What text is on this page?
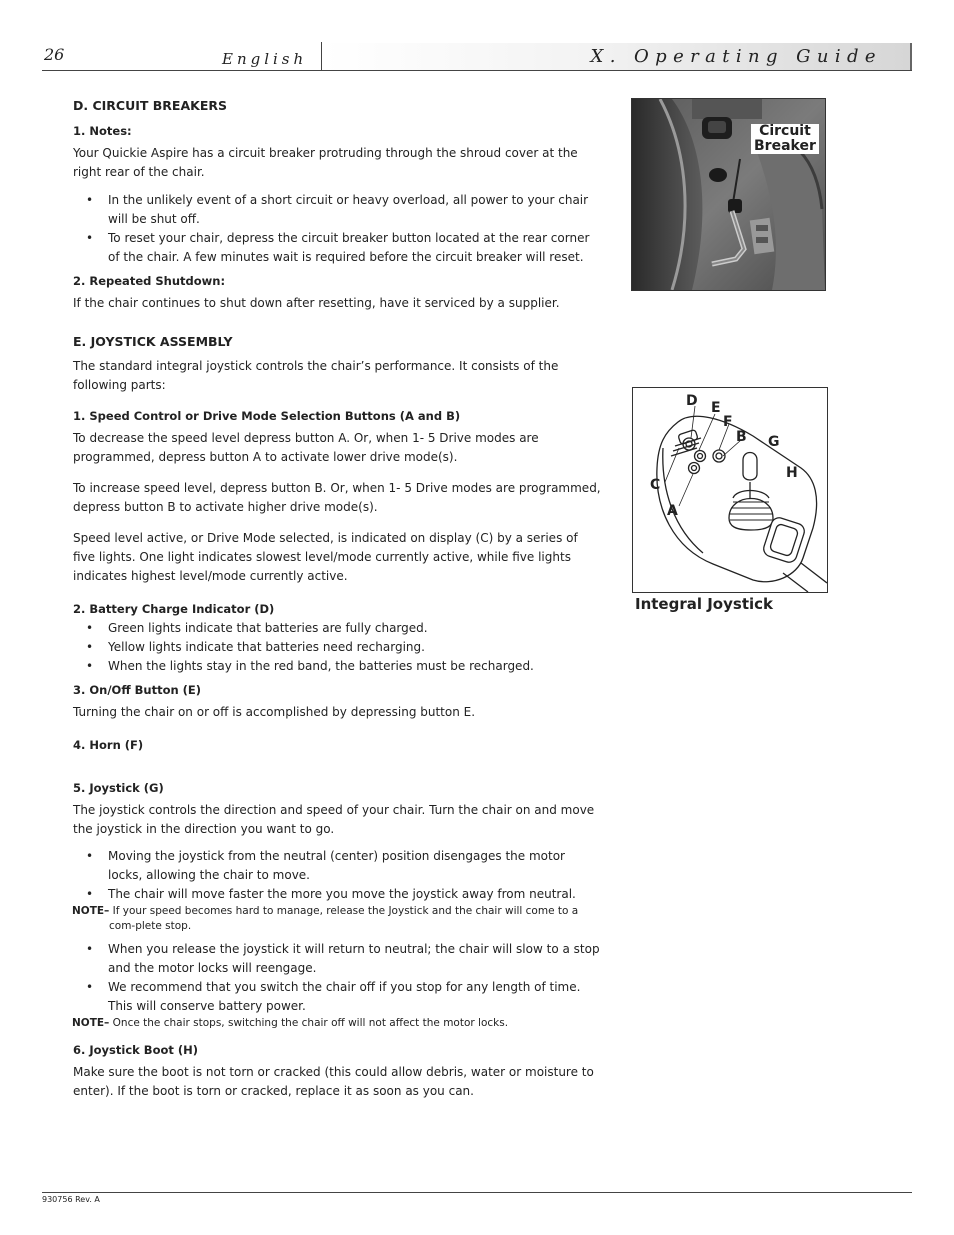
26	English	X. Operating Guide

D. CIRCUIT BREAKERS

1. Notes:

Your Quickie Aspire has a circuit breaker protruding through the shroud cover at the right rear of the chair.

• In the unlikely event of a short circuit or heavy overload, all power to your chair will be shut off.
• To reset your chair, depress the circuit breaker button located at the rear corner of the chair. A few minutes wait is required before the circuit breaker will reset.

2. Repeated Shutdown:

If the chair continues to shut down after resetting, have it serviced by a supplier.

E. JOYSTICK ASSEMBLY

The standard integral joystick controls the chair’s performance. It consists of the following parts:

1. Speed Control or Drive Mode Selection Buttons (A and B)

To decrease the speed level depress button A. Or, when 1- 5 Drive modes are programmed, depress button A to activate lower drive mode(s).

To increase speed level, depress button B. Or, when 1- 5 Drive modes are programmed, depress button B to activate higher drive mode(s).

Speed level active, or Drive Mode selected, is indicated on display (C) by a series of five lights. One light indicates slowest level/mode currently active, while five lights indicates highest level/mode currently active.

2. Battery Charge Indicator (D)

• Green lights indicate that batteries are fully charged.
• Yellow lights indicate that batteries need recharging.
• When the lights stay in the red band, the batteries must be recharged.

3. On/Off Button (E)

Turning the chair on or off is accomplished by depressing button E.

4. Horn (F)

5. Joystick (G)

The joystick controls the direction and speed of your chair. Turn the chair on and move the joystick in the direction you want to go.

• Moving the joystick from the neutral (center) position disengages the motor locks, allowing the chair to move.
• The chair will move faster the more you move the joystick away from neutral.

NOTE– If your speed becomes hard to manage, release the Joystick and the chair will come to a com-plete stop.

• When you release the joystick it will return to neutral; the chair will slow to a stop and the motor locks will reengage.
• We recommend that you switch the chair off if you stop for any length of time. This will conserve battery power.

NOTE– Once the chair stops, switching the chair off will not affect the motor locks.

6. Joystick Boot (H)

Make sure the boot is not torn or cracked (this could allow debris, water or moisture to enter). If the boot is torn or cracked, replace it as soon as you can.

Circuit
Breaker
D E
F
B G
H
C
A
Integral Joystick
930756 Rev. A
